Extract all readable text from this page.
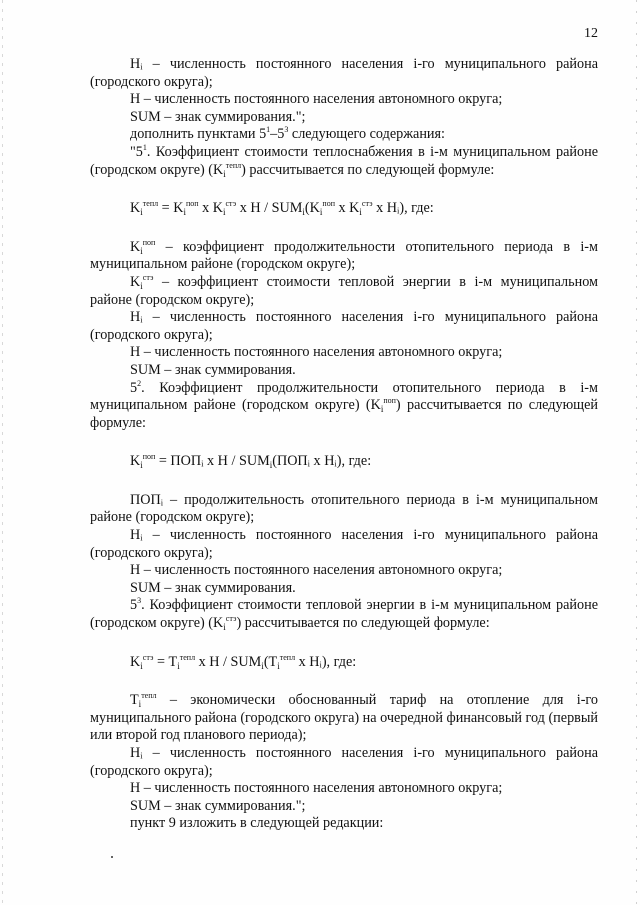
12

Hᵢ – численность постоянного населения i-го муниципального района (городского округа);

H – численность постоянного населения автономного округа;

SUM – знак суммирования.";

дополнить пунктами $5^1-5^3$ следующего содержания:

"$5^1$. Коэффициент стоимости теплоснабжения в i-м муниципальном районе (городском округе) $(K_i^{тепл})$ рассчитывается по следующей формуле:

$K_i^{тепл} = K_i^{поп}$ x $K_i^{стэ}$ x H / $SUM_i(K_i^{поп}$ x $K_i^{стэ}$ x Hᵢ), где:

$K_i^{поп}$ – коэффициент продолжительности отопительного периода в i-м муниципальном районе (городском округе);

$K_i^{стэ}$ – коэффициент стоимости тепловой энергии в i-м муниципальном районе (городском округе);

Hᵢ – численность постоянного населения i-го муниципального района (городского округа);

H – численность постоянного населения автономного округа;

SUM – знак суммирования.

$5^2$. Коэффициент продолжительности отопительного периода в i-м муниципальном районе (городском округе) $(K_i^{поп})$ рассчитывается по следующей формуле:

$K_i^{поп}$ = ПОПᵢ x H / $SUM_i(ПОПᵢ$ x Hᵢ), где:

ПОПᵢ – продолжительность отопительного периода в i-м муниципальном районе (городском округе);

Hᵢ – численность постоянного населения i-го муниципального района (городского округа);

H – численность постоянного населения автономного округа;

SUM – знак суммирования.

$5^3$. Коэффициент стоимости тепловой энергии в i-м муниципальном районе (городском округе) $(K_i^{стэ})$ рассчитывается по следующей формуле:

$K_i^{стэ} = T_i^{тепл}$ x H / $SUM_i(T_i^{тепл}$ x Hᵢ), где:

$T_i^{тепл}$ – экономически обоснованный тариф на отопление для i-го муниципального района (городского округа) на очередной финансовый год (первый или второй год планового периода);

Hᵢ – численность постоянного населения i-го муниципального района (городского округа);

H – численность постоянного населения автономного округа;

SUM – знак суммирования.";

пункт 9 изложить в следующей редакции:
